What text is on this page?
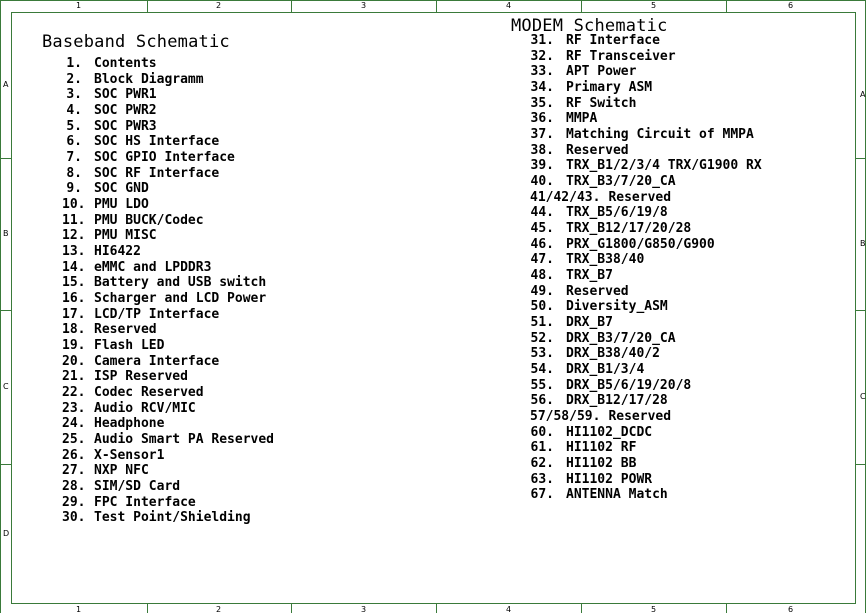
1	2	3	4	5	6
1	2	3	4	5	6
A
B
C
D
A
B
C
Baseband Schematic
1. Contents
2. Block Diagramm
3. SOC PWR1
4. SOC PWR2
5. SOC PWR3
6. SOC HS Interface
7. SOC GPIO Interface
8. SOC RF Interface
9. SOC GND
10. PMU LDO
11. PMU BUCK/Codec
12. PMU MISC
13. HI6422
14. eMMC and LPDDR3
15. Battery and USB switch
16. Scharger and LCD Power
17. LCD/TP Interface
18. Reserved
19. Flash LED
20. Camera Interface
21. ISP Reserved
22. Codec Reserved
23. Audio RCV/MIC
24. Headphone
25. Audio Smart PA Reserved
26. X-Sensor1
27. NXP NFC
28. SIM/SD Card
29. FPC Interface
30. Test Point/Shielding
MODEM Schematic
31. RF Interface
32. RF Transceiver
33. APT Power
34. Primary ASM
35. RF Switch
36. MMPA
37. Matching Circuit of MMPA
38. Reserved
39. TRX_B1/2/3/4 TRX/G1900 RX
40. TRX_B3/7/20_CA
41/42/43. Reserved
44. TRX_B5/6/19/8
45. TRX_B12/17/20/28
46. PRX_G1800/G850/G900
47. TRX_B38/40
48. TRX_B7
49. Reserved
50. Diversity_ASM
51. DRX_B7
52. DRX_B3/7/20_CA
53. DRX_B38/40/2
54. DRX_B1/3/4
55. DRX_B5/6/19/20/8
56. DRX_B12/17/28
57/58/59. Reserved
60. HI1102_DCDC
61. HI1102 RF
62. HI1102 BB
63. HI1102 POWR
67. ANTENNA Match
